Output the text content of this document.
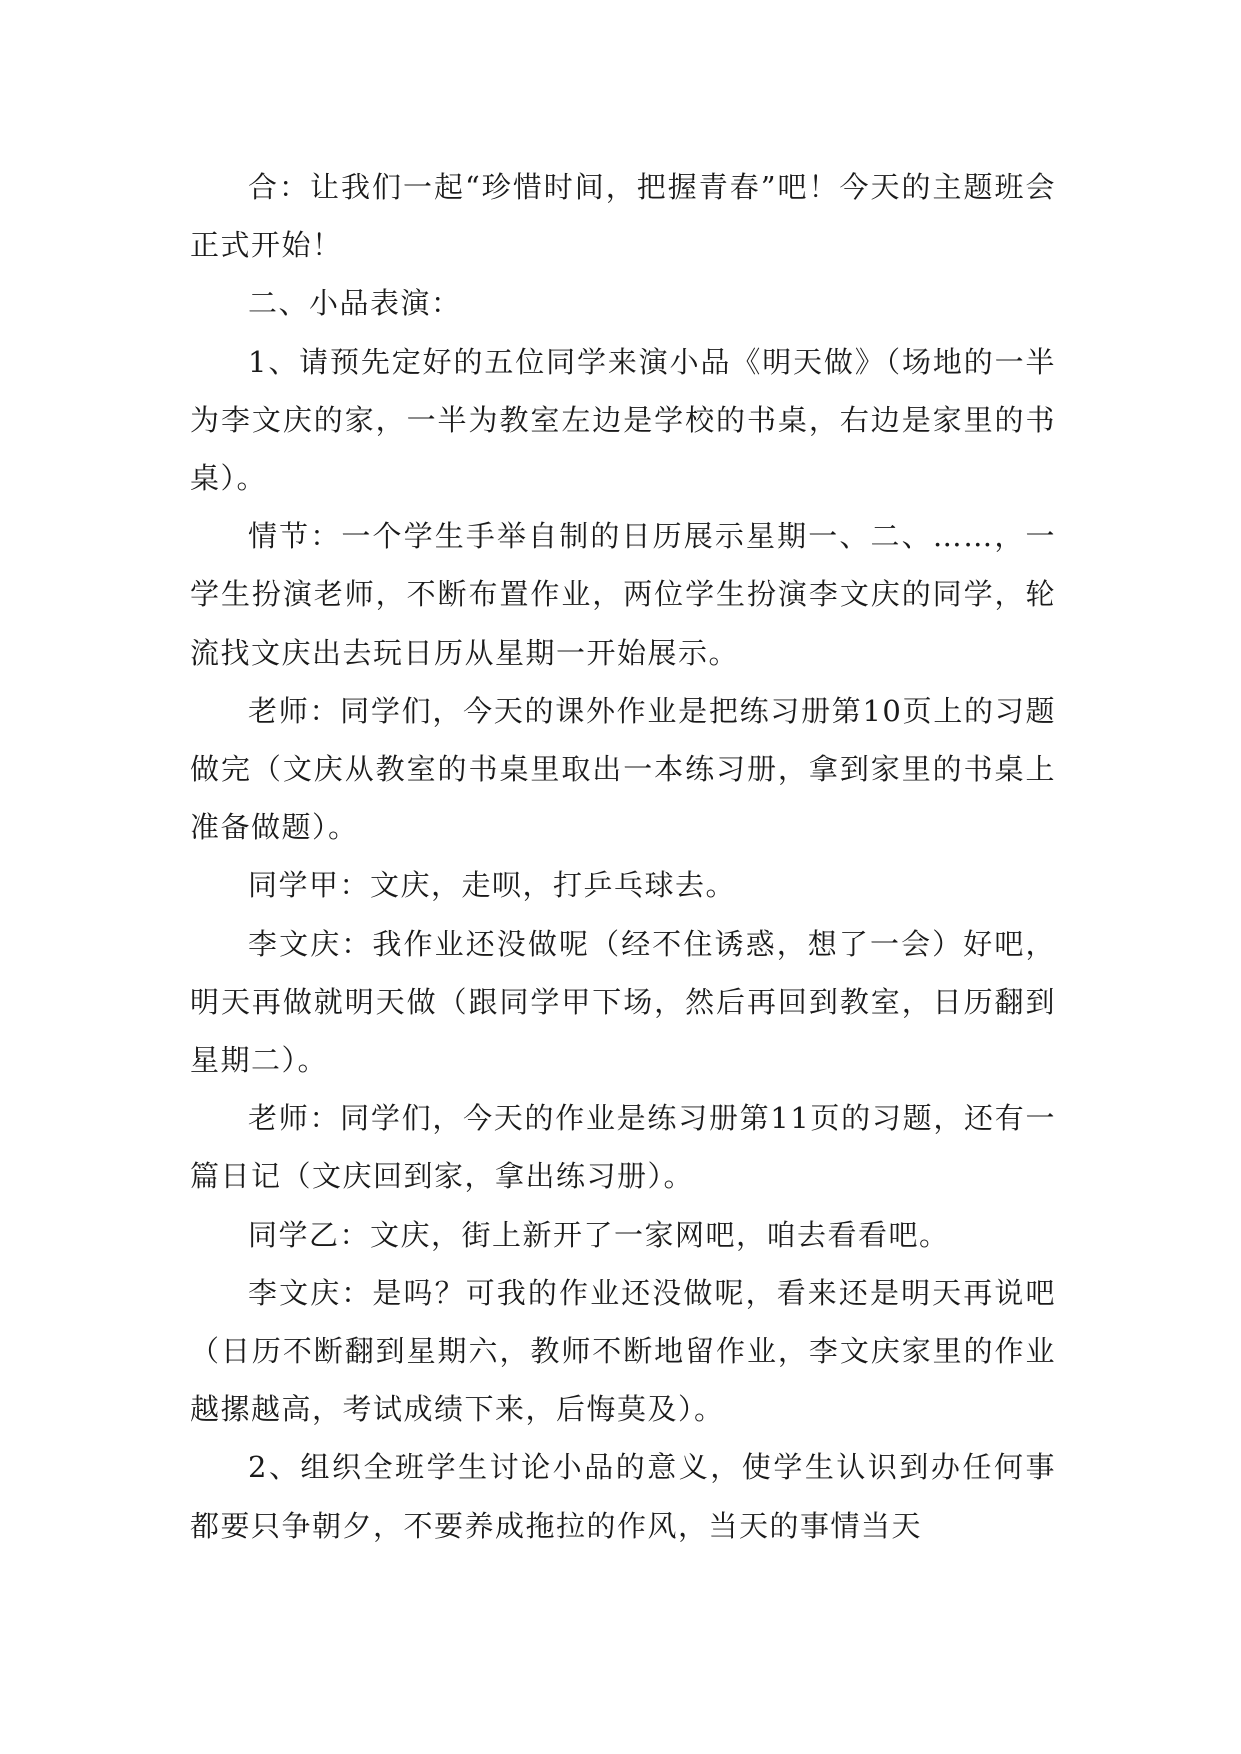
合：让我们一起“珍惜时间，把握青春”吧！今天的主题班会正式开始！

二、小品表演：

1、请预先定好的五位同学来演小品《明天做》（场地的一半为李文庆的家，一半为教室左边是学校的书桌，右边是家里的书桌）。

情节：一个学生手举自制的日历展示星期一、二、……，一学生扮演老师，不断布置作业，两位学生扮演李文庆的同学，轮流找文庆出去玩日历从星期一开始展示。

老师：同学们，今天的课外作业是把练习册第10页上的习题做完（文庆从教室的书桌里取出一本练习册，拿到家里的书桌上准备做题）。

同学甲：文庆，走呗，打乒乓球去。

李文庆：我作业还没做呢（经不住诱惑，想了一会）好吧，明天再做就明天做（跟同学甲下场，然后再回到教室，日历翻到星期二）。

老师：同学们，今天的作业是练习册第11页的习题，还有一篇日记（文庆回到家，拿出练习册）。

同学乙：文庆，街上新开了一家网吧，咱去看看吧。

李文庆：是吗？可我的作业还没做呢，看来还是明天再说吧（日历不断翻到星期六，教师不断地留作业，李文庆家里的作业越摞越高，考试成绩下来，后悔莫及）。

2、组织全班学生讨论小品的意义，使学生认识到办任何事都要只争朝夕，不要养成拖拉的作风，当天的事情当天
